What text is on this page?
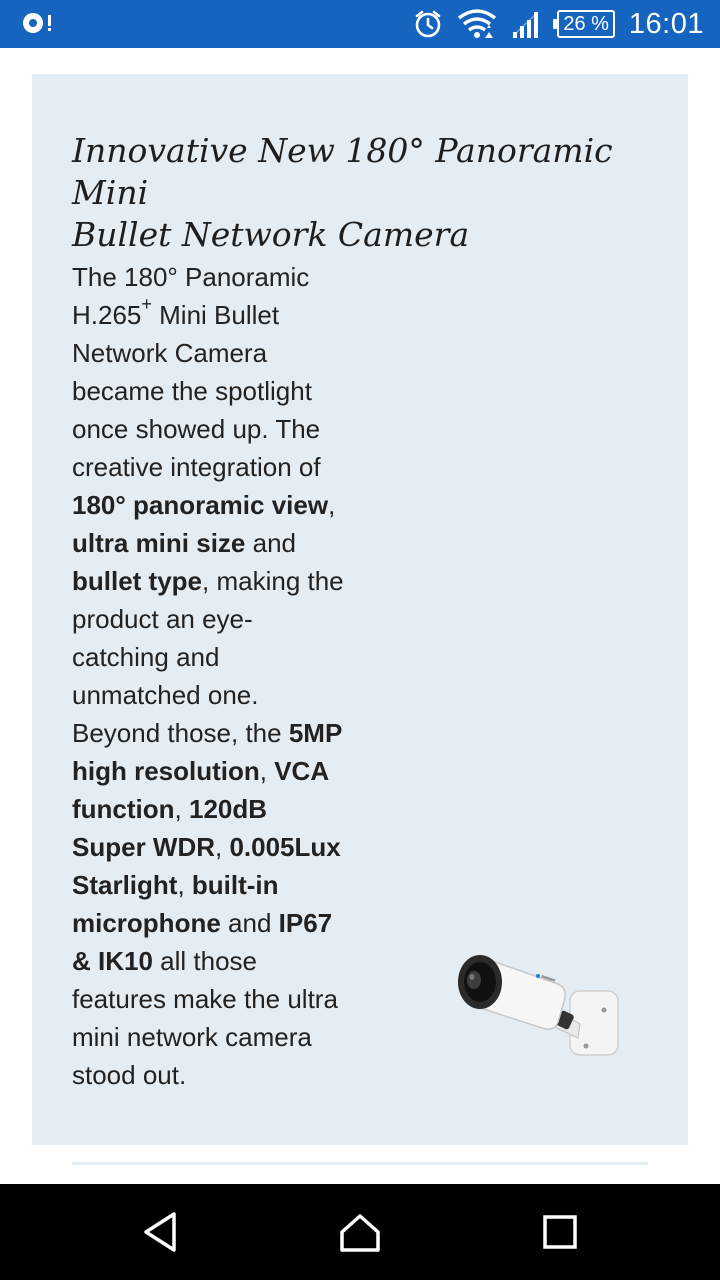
26 % 16:01
Innovative New 180° Panoramic Mini
Bullet Network Camera

The 180° Panoramic H.265+ Mini Bullet Network Camera became the spotlight once showed up. The creative integration of 180° panoramic view, ultra mini size and bullet type, making the product an eye-catching and unmatched one. Beyond those, the 5MP high resolution, VCA function, 120dB Super WDR, 0.005Lux Starlight, built-in microphone and IP67 & IK10 all those features make the ultra mini network camera stood out.
